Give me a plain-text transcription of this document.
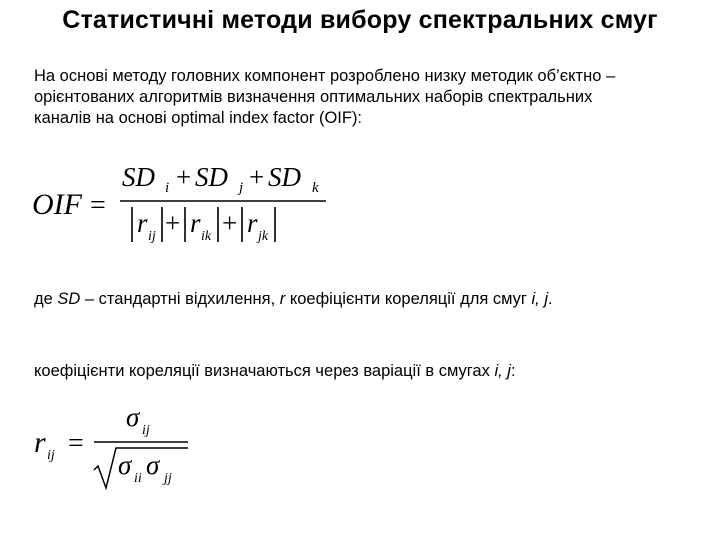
Статистичні методи вибору спектральних смуг

На основі методу головних компонент розроблено низку методик об’єктно –
орієнтованих алгоритмів визначення оптимальних наборів спектральних
каналів на основі optimal index factor (OIF):

OIF =
SD i + SD j + SD k
r ij + r ik + r jk

де SD – стандартні відхилення, r коефіцієнти кореляції для смуг i, j.

коефіцієнти кореляції визначаються через варіації в смугах i, j:

r ij =
σ ij
σ ii σ jj
